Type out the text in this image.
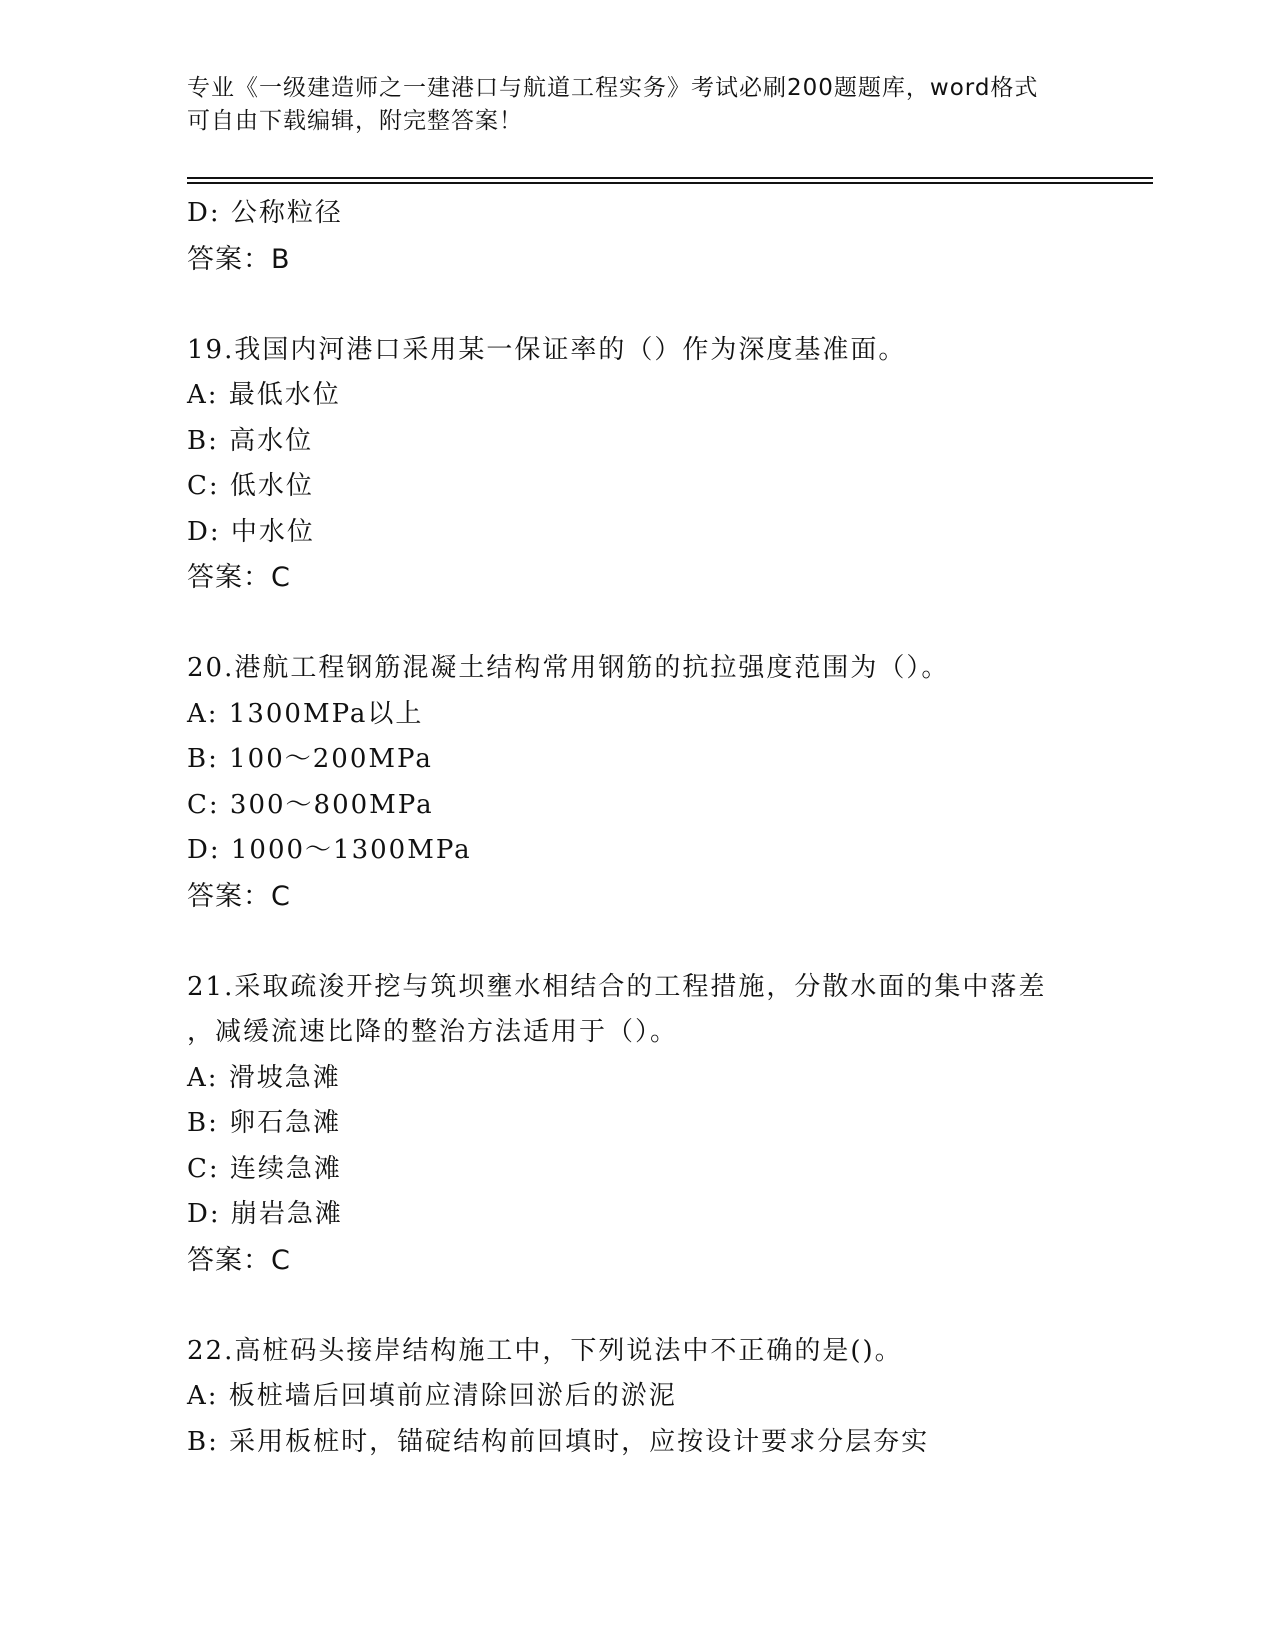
专业《一级建造师之一建港口与航道工程实务》考试必刷200题题库，word格式
可自由下载编辑，附完整答案！
D: 公称粒径
答案：B
19.我国内河港口采用某一保证率的（）作为深度基准面。
A: 最低水位
B: 高水位
C: 低水位
D: 中水位
答案：C
20.港航工程钢筋混凝土结构常用钢筋的抗拉强度范围为（）。
A: 1300MPa以上
B: 100～200MPa
C: 300～800MPa
D: 1000～1300MPa
答案：C
21.采取疏浚开挖与筑坝壅水相结合的工程措施，分散水面的集中落差
，减缓流速比降的整治方法适用于（）。
A: 滑坡急滩
B: 卵石急滩
C: 连续急滩
D: 崩岩急滩
答案：C
22.高桩码头接岸结构施工中，下列说法中不正确的是()。
A: 板桩墙后回填前应清除回淤后的淤泥
B: 采用板桩时，锚碇结构前回填时，应按设计要求分层夯实
